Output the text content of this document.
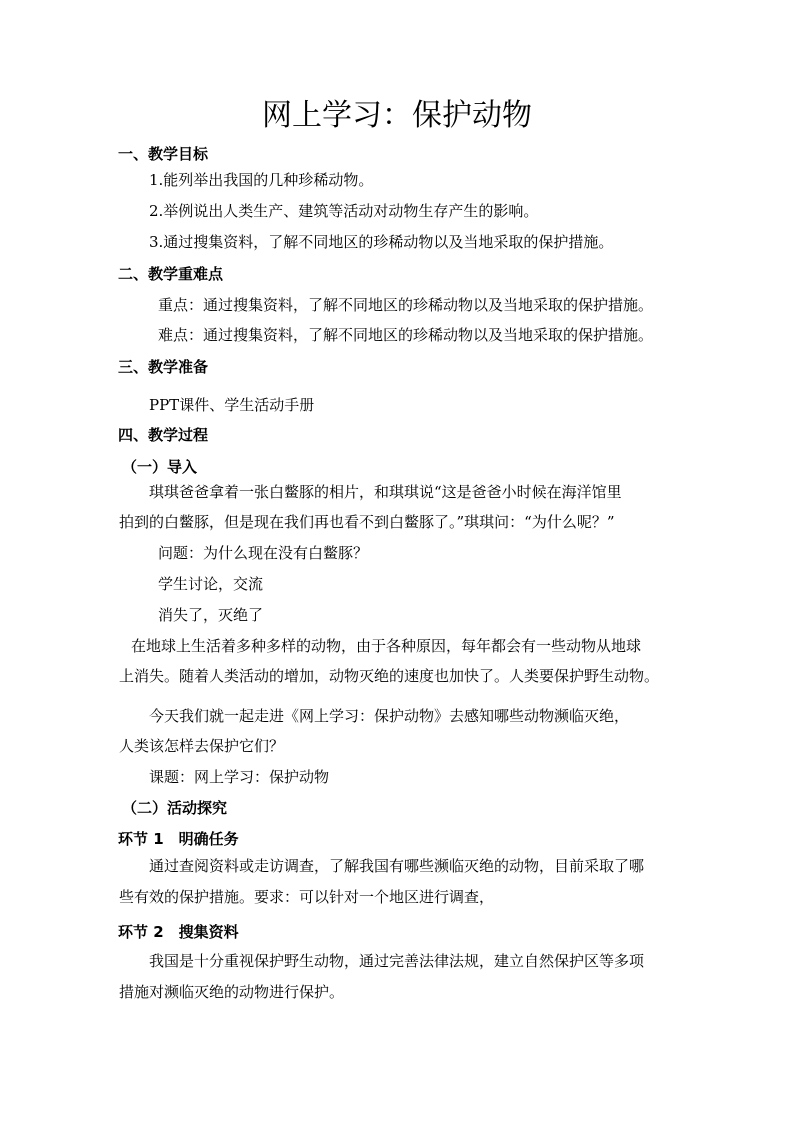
网上学习：保护动物
一、教学目标
1.能列举出我国的几种珍稀动物。
2.举例说出人类生产、建筑等活动对动物生存产生的影响。
3.通过搜集资料，了解不同地区的珍稀动物以及当地采取的保护措施。
二、教学重难点
重点：通过搜集资料，了解不同地区的珍稀动物以及当地采取的保护措施。
难点：通过搜集资料，了解不同地区的珍稀动物以及当地采取的保护措施。
三、教学准备
PPT课件、学生活动手册
四、教学过程
（一）导入
琪琪爸爸拿着一张白鳖豚的相片，和琪琪说“这是爸爸小时候在海洋馆里
拍到的白鳖豚，但是现在我们再也看不到白鳖豚了。”琪琪问：“为什么呢？”
问题：为什么现在没有白鳖豚？
学生讨论，交流
消失了，灭绝了
在地球上生活着多种多样的动物，由于各种原因，每年都会有一些动物从地球
上消失。随着人类活动的增加，动物灭绝的速度也加快了。人类要保护野生动物。
今天我们就一起走进《网上学习：保护动物》去感知哪些动物濒临灭绝，
人类该怎样去保护它们？
课题：网上学习：保护动物
（二）活动探究
环节 1　明确任务
通过查阅资料或走访调查，了解我国有哪些濒临灭绝的动物，目前采取了哪
些有效的保护措施。要求：可以针对一个地区进行调查，
环节 2　搜集资料
我国是十分重视保护野生动物，通过完善法律法规，建立自然保护区等多项
措施对濒临灭绝的动物进行保护。
